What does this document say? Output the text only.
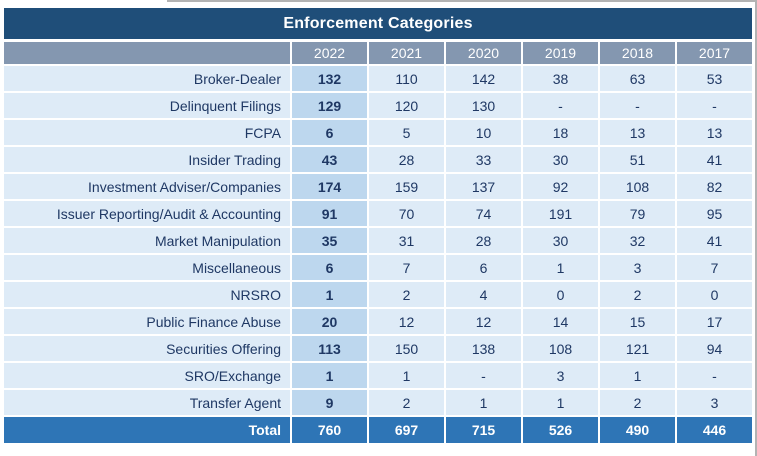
Enforcement Categories
2022	2021	2020	2019	2018	2017
Broker-Dealer	132	110	142	38	63	53
Delinquent Filings	129	120	130	-	-	-
FCPA	6	5	10	18	13	13
Insider Trading	43	28	33	30	51	41
Investment Adviser/Companies	174	159	137	92	108	82
Issuer Reporting/Audit & Accounting	91	70	74	191	79	95
Market Manipulation	35	31	28	30	32	41
Miscellaneous	6	7	6	1	3	7
NRSRO	1	2	4	0	2	0
Public Finance Abuse	20	12	12	14	15	17
Securities Offering	113	150	138	108	121	94
SRO/Exchange	1	1	-	3	1	-
Transfer Agent	9	2	1	1	2	3
Total	760	697	715	526	490	446
